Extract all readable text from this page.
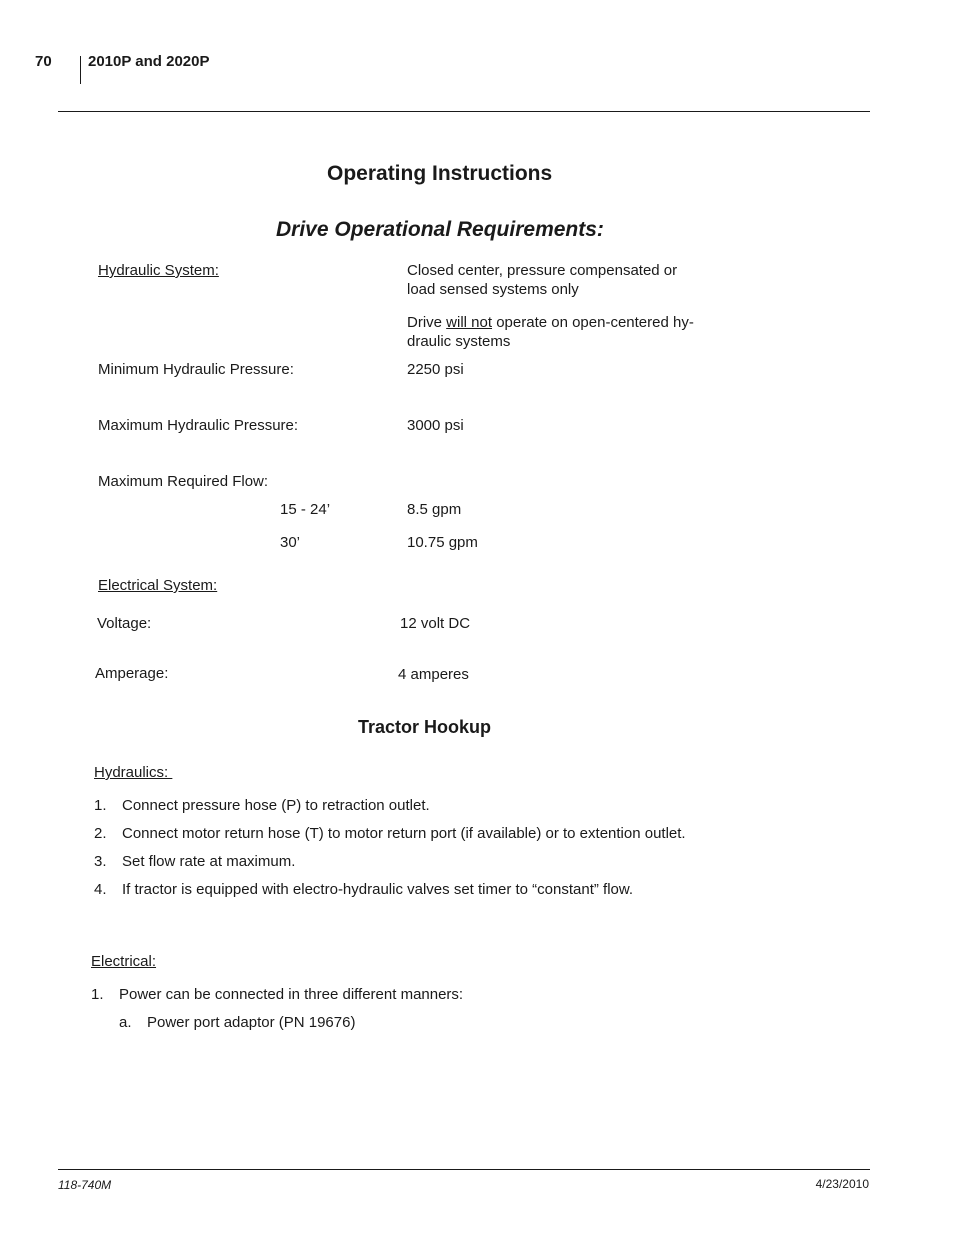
70 2010P and 2020P
Operating Instructions
Drive Operational Requirements:
Hydraulic System:	Closed center, pressure compensated or
load sensed systems only
Drive will not operate on open-centered hy-
draulic systems
Minimum Hydraulic Pressure:	2250 psi
Maximum Hydraulic Pressure:	3000 psi
Maximum Required Flow:
15 - 24’	8.5 gpm
30’	10.75 gpm
Electrical System:
Voltage:	12 volt DC
Amperage:	4 amperes
Tractor Hookup
Hydraulics:
1. Connect pressure hose (P) to retraction outlet.
2. Connect motor return hose (T) to motor return port (if available) or to extention outlet.
3. Set flow rate at maximum.
4. If tractor is equipped with electro-hydraulic valves set timer to “constant” flow.
Electrical:
1. Power can be connected in three different manners:
a. Power port adaptor (PN 19676)
118-740M	4/23/2010
